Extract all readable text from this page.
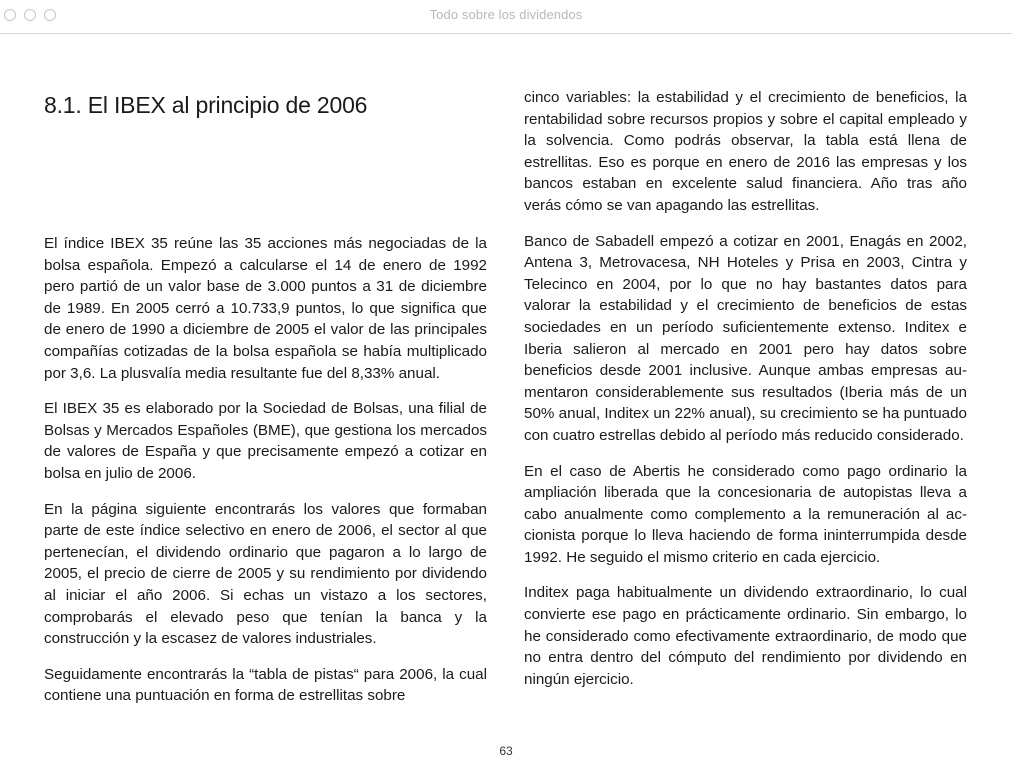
Todo sobre los dividendos
8.1. El IBEX al principio de 2006

El índice IBEX 35 reúne las 35 acciones más negociadas de la bolsa española. Empezó a calcularse el 14 de enero de 1992 pero partió de un valor base de 3.000 puntos a 31 de diciembre de 1989. En 2005 cerró a 10.733,9 puntos, lo que significa que de enero de 1990 a diciembre de 2005 el valor de las principales compañías cotizadas de la bolsa española se había multiplicado por 3,6. La plusvalía media resultante fue del 8,33% anual.

El IBEX 35 es elaborado por la Sociedad de Bolsas, una filial de Bolsas y Mercados Españoles (BME), que gestiona los mercados de valores de España y que precisamente empezó a cotizar en bolsa en julio de 2006.

En la página siguiente encontrarás los valores que formaban parte de este índice selectivo en enero de 2006, el sector al que pertenecían, el dividendo ordinario que pagaron a lo largo de 2005, el precio de cierre de 2005 y su rendimiento por dividendo al iniciar el año 2006. Si echas un vistazo a los sectores, comprobarás el elevado peso que tenían la banca y la construcción y la escasez de valores industriales.

Seguidamente encontrarás la “tabla de pistas“ para 2006, la cual contiene una puntuación en forma de estrellitas sobre

cinco variables: la estabilidad y el crecimiento de beneficios, la rentabilidad sobre recursos propios y sobre el capital empleado y la solvencia. Como podrás observar, la tabla está llena de estrellitas. Eso es porque en enero de 2016 las empresas y los bancos estaban en excelente salud financiera. Año tras año verás cómo se van apagando las estrellitas.

Banco de Sabadell empezó a cotizar en 2001, Enagás en 2002, Antena 3, Metrovacesa, NH Hoteles y Prisa en 2003, Cintra y Telecinco en 2004, por lo que no hay bastantes datos para valorar la estabilidad y el crecimiento de beneficios de estas sociedades en un período suficientemente extenso. Inditex e Iberia salieron al mercado en 2001 pero hay datos sobre beneficios desde 2001 inclusive. Aunque ambas empresas aumentaron considerablemente sus resultados (Iberia más de un 50% anual, Inditex un 22% anual), su crecimiento se ha puntuado con cuatro estrellas debido al período más reducido considerado.

En el caso de Abertis he considerado como pago ordinario la ampliación liberada que la concesionaria de autopistas lleva a cabo anualmente como complemento a la remuneración al accionista porque lo lleva haciendo de forma ininterrumpida desde 1992. He seguido el mismo criterio en cada ejercicio.

Inditex paga habitualmente un dividendo extraordinario, lo cual convierte ese pago en prácticamente ordinario. Sin embargo, lo he considerado como efectivamente extraordinario, de modo que no entra dentro del cómputo del rendimiento por dividendo en ningún ejercicio.

63
